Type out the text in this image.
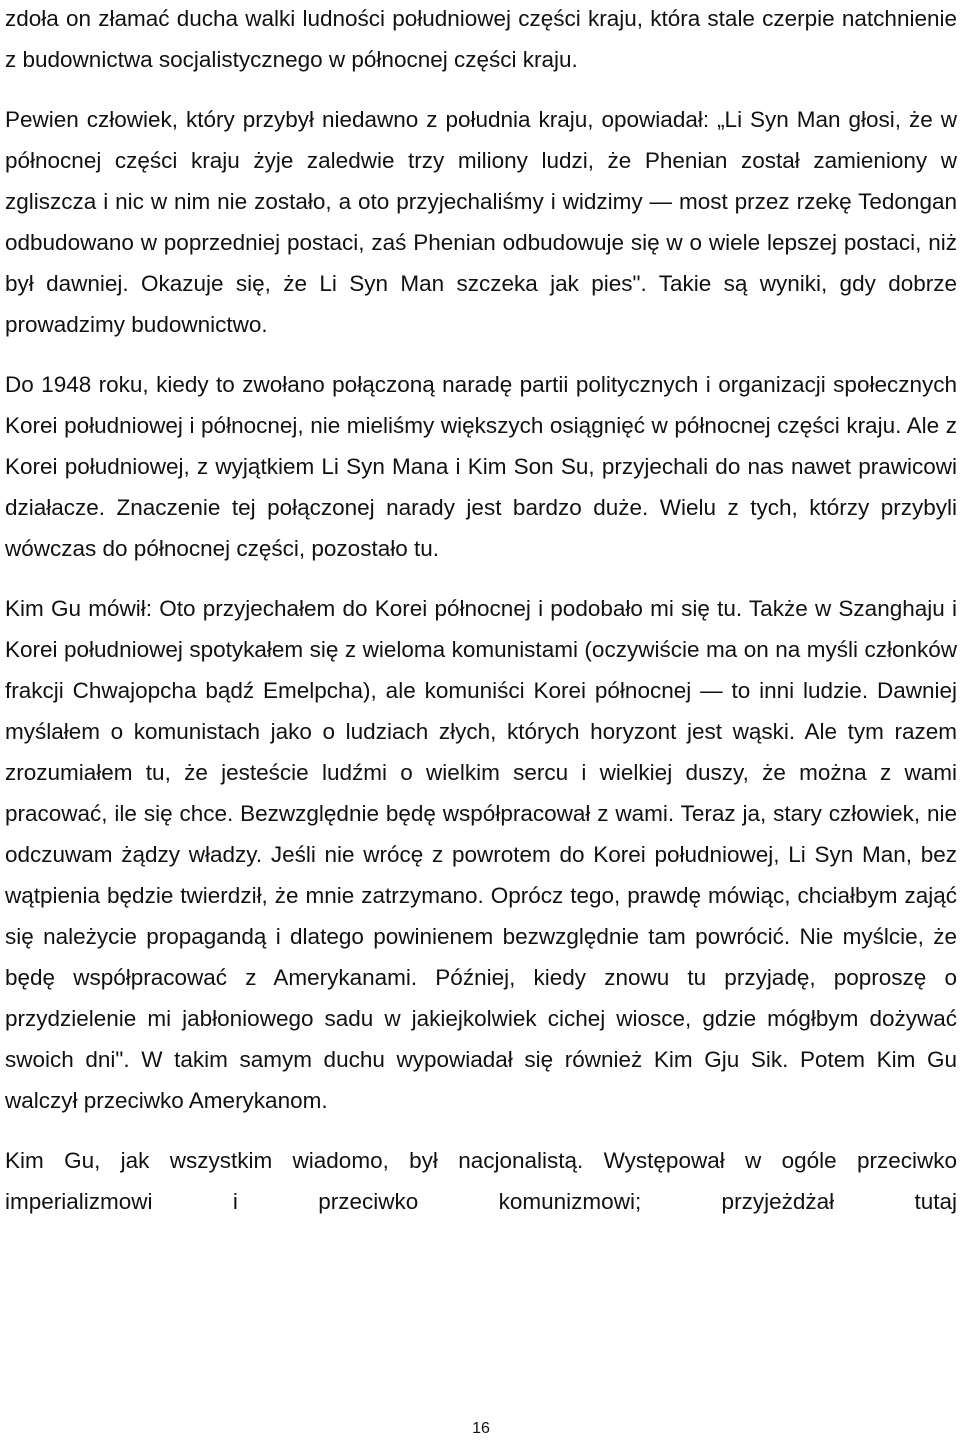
zdoła on złamać ducha walki ludności południowej części kraju, która stale czerpie natchnienie z budownictwa socjalistycznego w północnej części kraju.

Pewien człowiek, który przybył niedawno z południa kraju, opowiadał: „Li Syn Man głosi, że w północnej części kraju żyje zaledwie trzy miliony ludzi, że Phenian został zamieniony w zgliszcza i nic w nim nie zostało, a oto przyjechaliśmy i widzimy — most przez rzekę Tedongan odbudowano w poprzedniej postaci, zaś Phenian odbudowuje się w o wiele lepszej postaci, niż był dawniej. Okazuje się, że Li Syn Man szczeka jak pies". Takie są wyniki, gdy dobrze prowadzimy budownictwo.

Do 1948 roku, kiedy to zwołano połączoną naradę partii politycznych i organizacji społecznych Korei południowej i północnej, nie mieliśmy większych osiągnięć w północnej części kraju. Ale z Korei południowej, z wyjątkiem Li Syn Mana i Kim Son Su, przyjechali do nas nawet prawicowi działacze. Znaczenie tej połączonej narady jest bardzo duże. Wielu z tych, którzy przybyli wówczas do północnej części, pozostało tu.

Kim Gu mówił: Oto przyjechałem do Korei północnej i podobało mi się tu. Także w Szanghaju i Korei południowej spotykałem się z wieloma komunistami (oczywiście ma on na myśli członków frakcji Chwajopcha bądź Emelpcha), ale komuniści Korei północnej — to inni ludzie. Dawniej myślałem o komunistach jako o ludziach złych, których horyzont jest wąski. Ale tym razem zrozumiałem tu, że jesteście ludźmi o wielkim sercu i wielkiej duszy, że można z wami pracować, ile się chce. Bezwzględnie będę współpracował z wami. Teraz ja, stary człowiek, nie odczuwam żądzy władzy. Jeśli nie wrócę z powrotem do Korei południowej, Li Syn Man, bez wątpienia będzie twierdził, że mnie zatrzymano. Oprócz tego, prawdę mówiąc, chciałbym zająć się należycie propagandą i dlatego powinienem bezwzględnie tam powrócić. Nie myślcie, że będę współpracować z Amerykanami. Później, kiedy znowu tu przyjadę, poproszę o przydzielenie mi jabłoniowego sadu w jakiejkolwiek cichej wiosce, gdzie mógłbym dożywać swoich dni". W takim samym duchu wypowiadał się również Kim Gju Sik. Potem Kim Gu walczył przeciwko Amerykanom.

Kim Gu, jak wszystkim wiadomo, był nacjonalistą. Występował w ogóle przeciwko imperializmowi i przeciwko komunizmowi; przyjeżdżał tutaj

16
